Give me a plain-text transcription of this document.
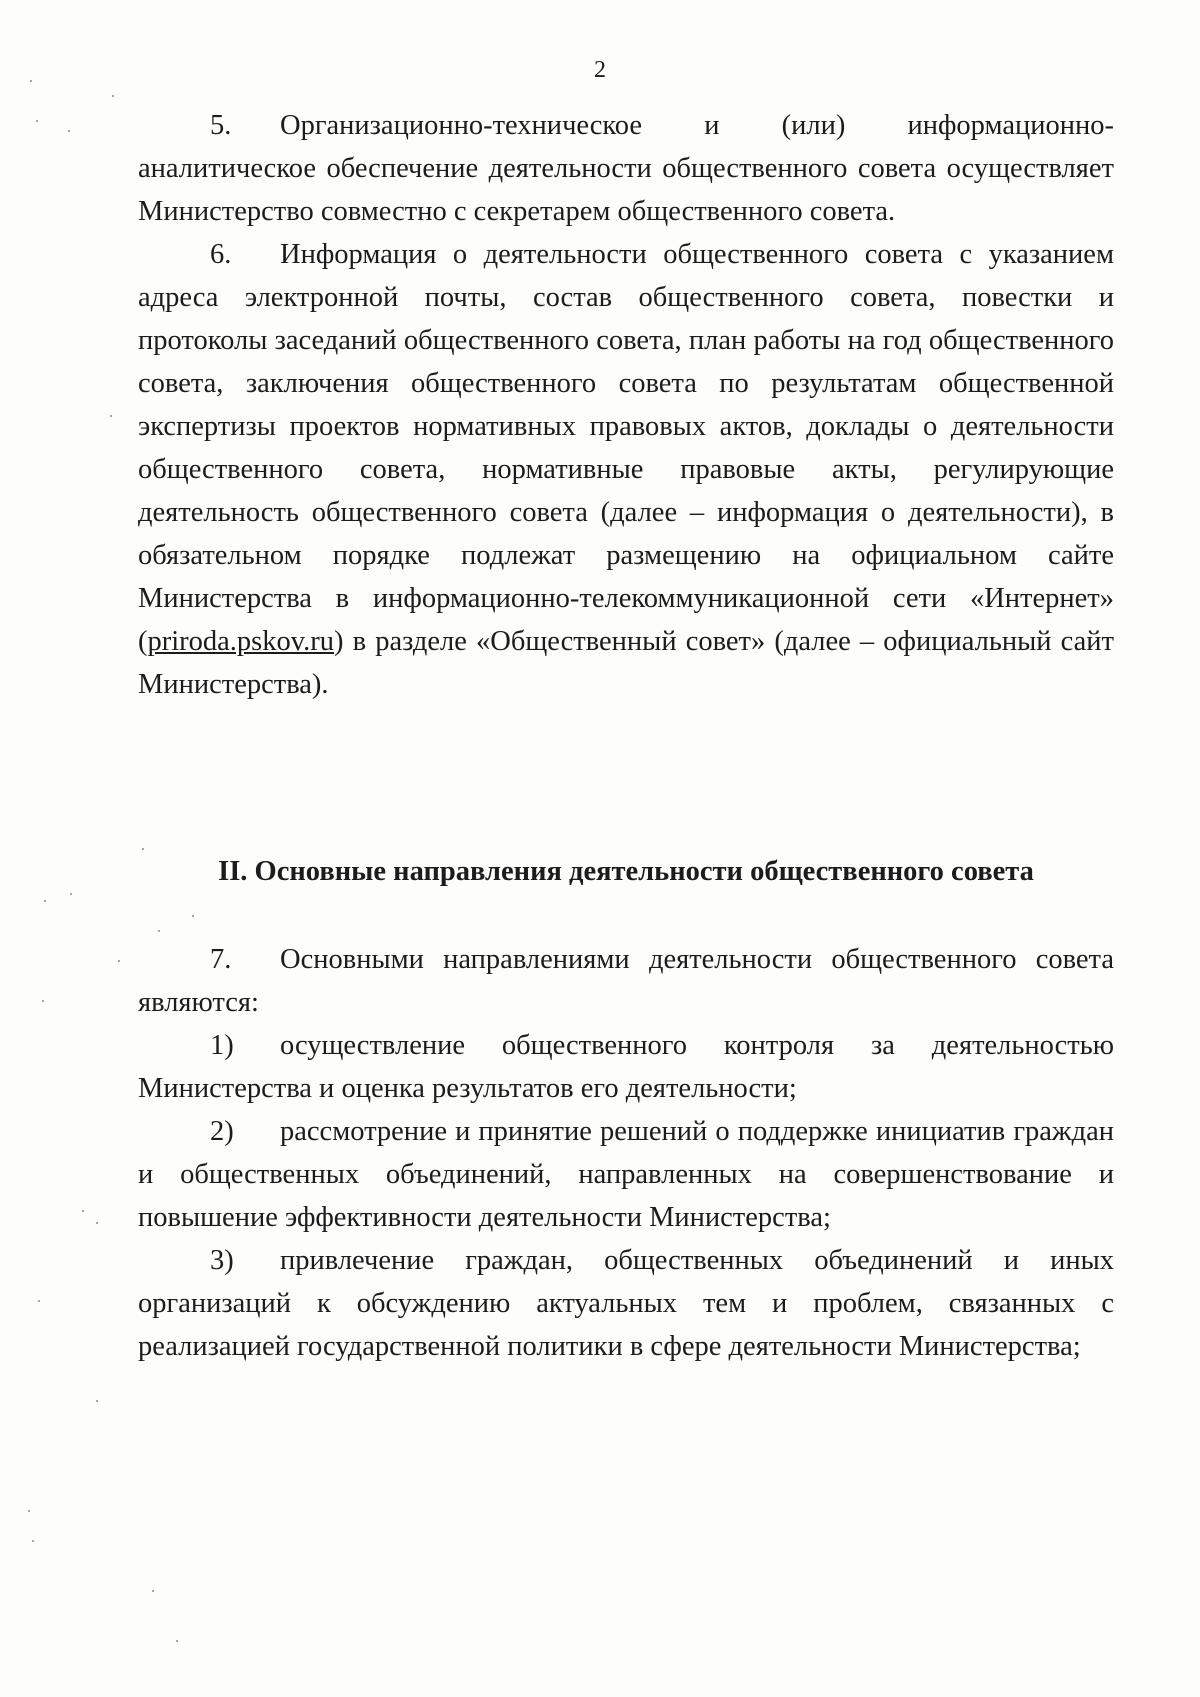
2

5. Организационно-техническое и (или) информационно-аналитическое обеспечение деятельности общественного совета осуществляет Министерство совместно с секретарем общественного совета.

6. Информация о деятельности общественного совета с указанием адреса электронной почты, состав общественного совета, повестки и протоколы заседаний общественного совета, план работы на год общественного совета, заключения общественного совета по результатам общественной экспертизы проектов нормативных правовых актов, доклады о деятельности общественного совета, нормативные правовые акты, регулирующие деятельность общественного совета (далее – информация о деятельности), в обязательном порядке подлежат размещению на официальном сайте Министерства в информационно-телекоммуникационной сети «Интернет» (priroda.pskov.ru) в разделе «Общественный совет» (далее – официальный сайт Министерства).

II. Основные направления деятельности общественного совета

7. Основными направлениями деятельности общественного совета являются:

1) осуществление общественного контроля за деятельностью Министерства и оценка результатов его деятельности;

2) рассмотрение и принятие решений о поддержке инициатив граждан и общественных объединений, направленных на совершенствование и повышение эффективности деятельности Министерства;

3) привлечение граждан, общественных объединений и иных организаций к обсуждению актуальных тем и проблем, связанных с реализацией государственной политики в сфере деятельности Министерства;
